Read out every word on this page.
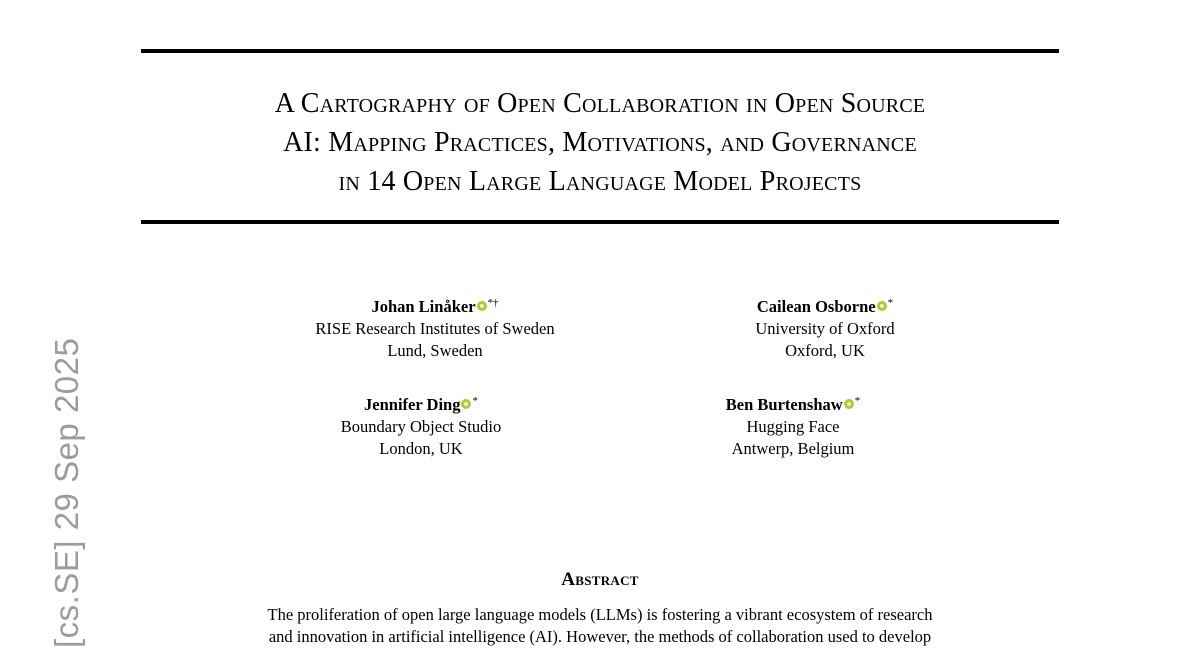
A Cartography of Open Collaboration in Open Source
AI: Mapping Practices, Motivations, and Governance
in 14 Open Large Language Model Projects
Johan Linåker *†
RISE Research Institutes of Sweden
Lund, Sweden
Cailean Osborne *
University of Oxford
Oxford, UK
Jennifer Ding *
Boundary Object Studio
London, UK
Ben Burtenshaw *
Hugging Face
Antwerp, Belgium
[cs.SE] 29 Sep 2025	Abstract
The proliferation of open large language models (LLMs) is fostering a vibrant ecosystem of research
and innovation in artificial intelligence (AI). However, the methods of collaboration used to develop
